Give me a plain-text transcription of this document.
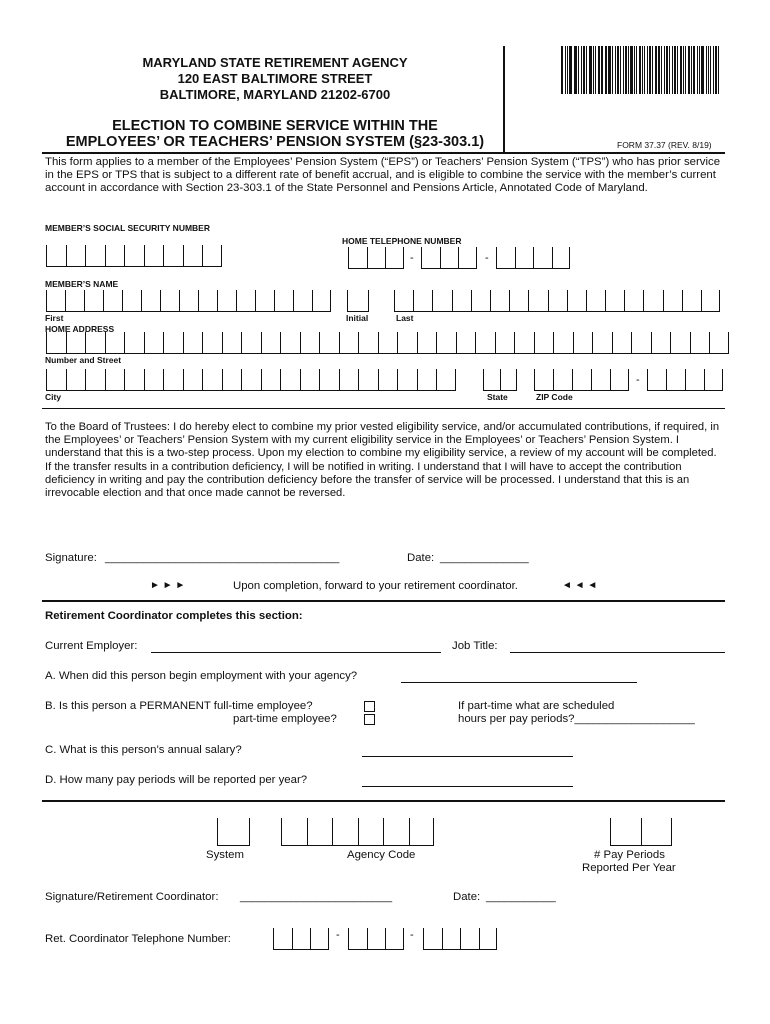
MARYLAND STATE RETIREMENT AGENCY
120 EAST BALTIMORE STREET
BALTIMORE, MARYLAND 21202-6700
ELECTION TO COMBINE SERVICE WITHIN THE
EMPLOYEES’ OR TEACHERS’ PENSION SYSTEM (§23-303.1)	FORM 37.37 (REV. 8/19)
This form applies to a member of the Employees’ Pension System (“EPS”) or Teachers’ Pension System (“TPS”) who has prior service in the EPS or TPS that is subject to a different rate of benefit accrual, and is eligible to combine the service with the member’s current account in accordance with Section 23-303.1 of the State Personnel and Pensions Article, Annotated Code of Maryland.
MEMBER’S SOCIAL SECURITY NUMBER
HOME TELEPHONE NUMBER
-	-
MEMBER’S NAME
First	Initial	Last
HOME ADDRESS
Number and Street
-
City	State	ZIP Code
To the Board of Trustees: I do hereby elect to combine my prior vested eligibility service, and/or accumulated contributions, if required, in the Employees’ or Teachers’ Pension System with my current eligibility service in the Employees’ or Teachers’ Pension System. I understand that this is a two-step process. Upon my election to combine my eligibility service, a review of my account will be completed. If the transfer results in a contribution deficiency, I will be notified in writing. I understand that I will have to accept the contribution deficiency in writing and pay the contribution deficiency before the transfer of service will be processed. I understand that this is an irrevocable election and that once made cannot be reversed.
Signature: _____________________________________	Date: ______________
► ► ►	Upon completion, forward to your retirement coordinator.	◄ ◄ ◄
Retirement Coordinator completes this section:
Current Employer:	Job Title:
A. When did this person begin employment with your agency?
B. Is this person a PERMANENT full-time employee?
part-time employee?
If part-time what are scheduled
hours per pay periods?___________________
C. What is this person’s annual salary?
D. How many pay periods will be reported per year?
System	Agency Code	# Pay Periods
Reported Per Year
Signature/Retirement Coordinator: ________________________	Date: ___________
Ret. Coordinator Telephone Number:	-	-
